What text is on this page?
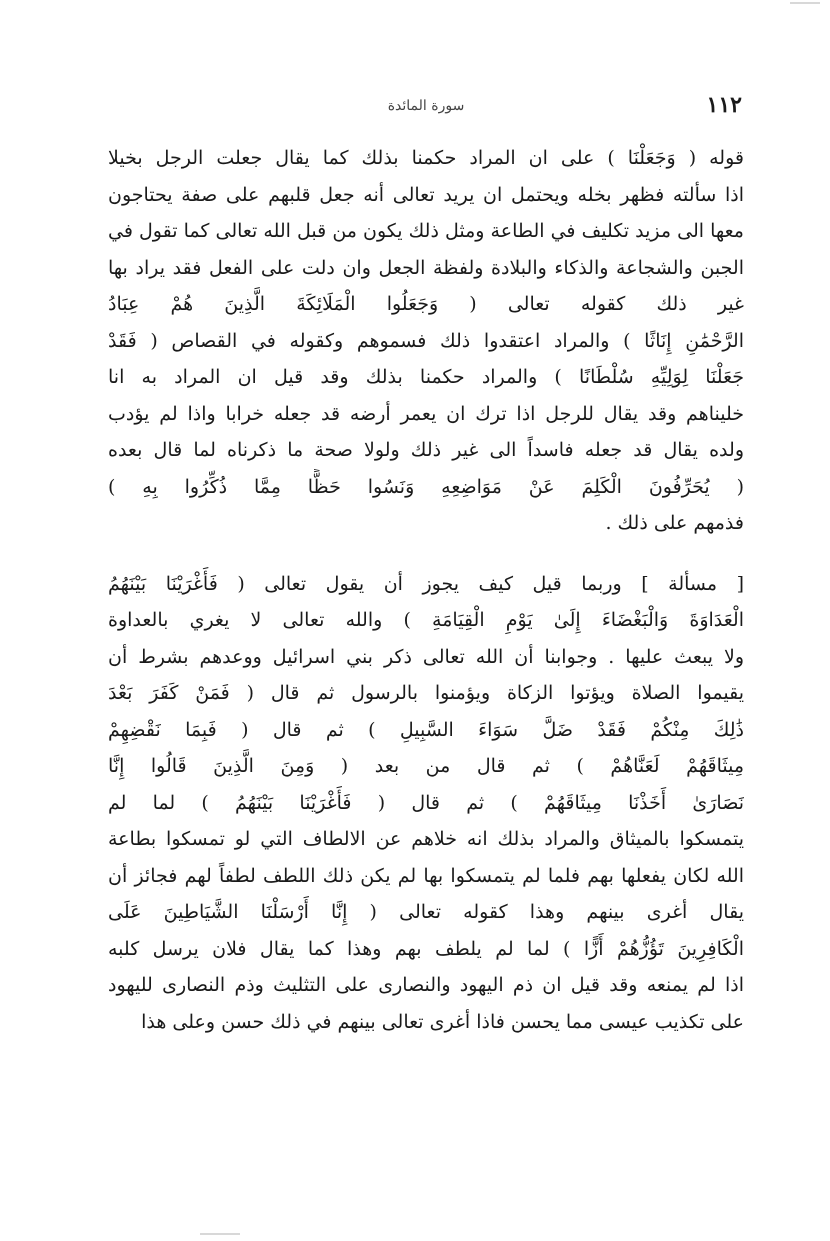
١١٢
سورة المائدة
قوله ( وَجَعَلْنَا ) على ان المراد حكمنا بذلك كما يقال جعلت الرجل بخيلا
اذا سألته فظهر بخله ويحتمل ان يريد تعالى أنه جعل قلبهم على صفة يحتاجون
معها الى مزيد تكليف في الطاعة ومثل ذلك يكون من قبل الله تعالى كما تقول في
الجبن والشجاعة والذكاء والبلادة ولفظة الجعل وان دلت على الفعل فقد يراد بها
غير ذلك كقوله تعالى ( وَجَعَلُوا الْمَلَائِكَةَ الَّذِينَ هُمْ عِبَادُ
الرَّحْمَٰنِ إِنَاثًا ) والمراد اعتقدوا ذلك فسموهم وكقوله في القصاص ( فَقَدْ
جَعَلْنَا لِوَلِيِّهِ سُلْطَانًا ) والمراد حكمنا بذلك وقد قيل ان المراد به انا
خليناهم وقد يقال للرجل اذا ترك ان يعمر أرضه قد جعله خرابا واذا لم يؤدب
ولده يقال قد جعله فاسداً الى غير ذلك ولولا صحة ما ذكرناه لما قال بعده
( يُحَرِّفُونَ الْكَلِمَ عَنْ مَوَاضِعِهِ وَنَسُوا حَظًّا مِمَّا ذُكِّرُوا بِهِ )
فذمهم على ذلك .
[ مسألة ] وربما قيل كيف يجوز أن يقول تعالى ( فَأَغْرَيْنَا بَيْنَهُمُ
الْعَدَاوَةَ وَالْبَغْضَاءَ إِلَىٰ يَوْمِ الْقِيَامَةِ ) والله تعالى لا يغري بالعداوة
ولا يبعث عليها . وجوابنا أن الله تعالى ذكر بني اسرائيل ووعدهم بشرط أن
يقيموا الصلاة ويؤتوا الزكاة ويؤمنوا بالرسول ثم قال ( فَمَنْ كَفَرَ بَعْدَ
ذَٰلِكَ مِنْكُمْ فَقَدْ ضَلَّ سَوَاءَ السَّبِيلِ ) ثم قال ( فَبِمَا نَقْضِهِمْ
مِيثَاقَهُمْ لَعَنَّاهُمْ ) ثم قال من بعد ( وَمِنَ الَّذِينَ قَالُوا إِنَّا
نَصَارَىٰ أَخَذْنَا مِيثَاقَهُمْ ) ثم قال ( فَأَغْرَيْنَا بَيْنَهُمُ ) لما لم
يتمسكوا بالميثاق والمراد بذلك انه خلاهم عن الالطاف التي لو تمسكوا بطاعة
الله لكان يفعلها بهم فلما لم يتمسكوا بها لم يكن ذلك اللطف لطفاً لهم فجائز أن
يقال أغرى بينهم وهذا كقوله تعالى ( إِنَّا أَرْسَلْنَا الشَّيَاطِينَ عَلَى
الْكَافِرِينَ تَؤُزُّهُمْ أَزًّا ) لما لم يلطف بهم وهذا كما يقال فلان يرسل كلبه
اذا لم يمنعه وقد قيل ان ذم اليهود والنصارى على التثليث وذم النصارى لليهود
على تكذيب عيسى مما يحسن فاذا أغرى تعالى بينهم في ذلك حسن وعلى هذا
